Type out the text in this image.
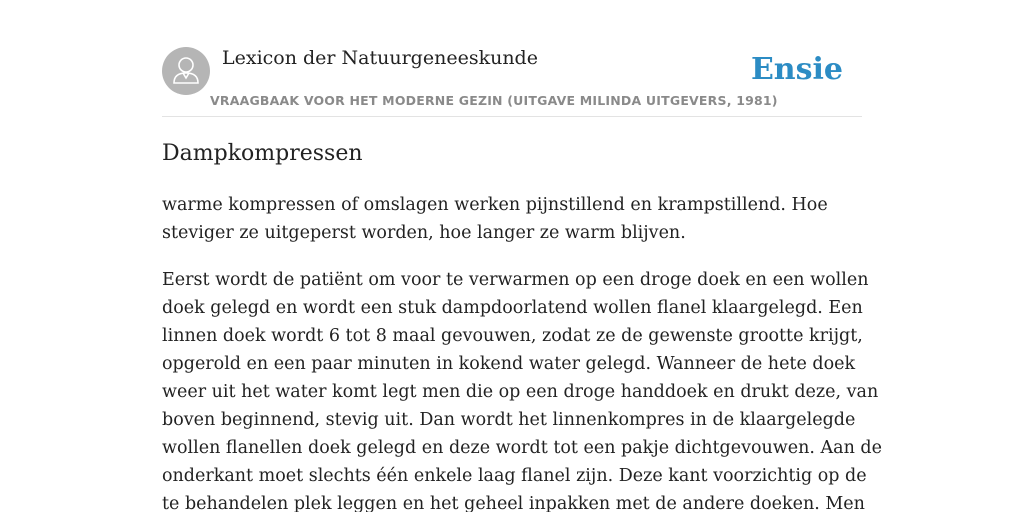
Lexicon der Natuurgeneeskunde
VRAAGBAAK VOOR HET MODERNE GEZIN (UITGAVE MILINDA UITGEVERS, 1981)
Ensie
Dampkompressen

warme kompressen of omslagen werken pijnstillend en krampstillend. Hoe
steviger ze uitgeperst worden, hoe langer ze warm blijven.

Eerst wordt de patiënt om voor te verwarmen op een droge doek en een wollen
doek gelegd en wordt een stuk dampdoorlatend wollen flanel klaargelegd. Een
linnen doek wordt 6 tot 8 maal gevouwen, zodat ze de gewenste grootte krijgt,
opgerold en een paar minuten in kokend water gelegd. Wanneer de hete doek
weer uit het water komt legt men die op een droge handdoek en drukt deze, van
boven beginnend, stevig uit. Dan wordt het linnenkompres in de klaargelegde
wollen flanellen doek gelegd en deze wordt tot een pakje dichtgevouwen. Aan de
onderkant moet slechts één enkele laag flanel zijn. Deze kant voorzichtig op de
te behandelen plek leggen en het geheel inpakken met de andere doeken. Men
